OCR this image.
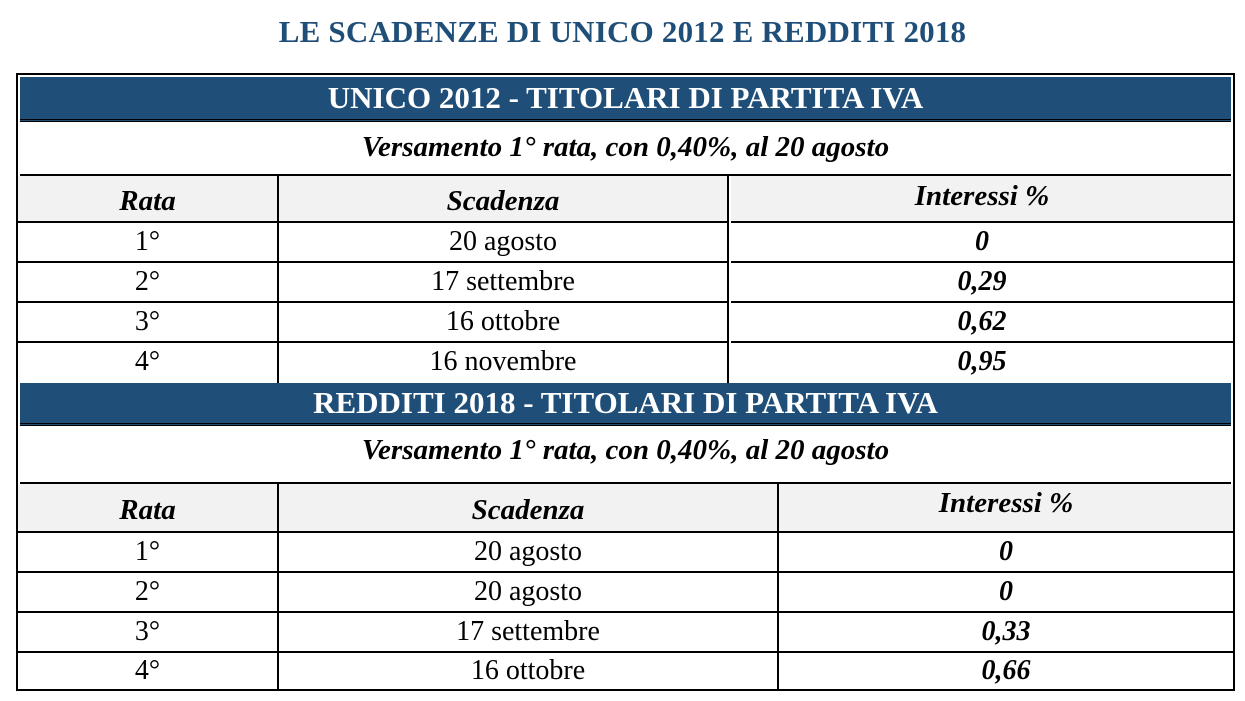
LE SCADENZE DI UNICO 2012 E REDDITI 2018
UNICO 2012 - TITOLARI DI PARTITA IVA
Versamento 1° rata, con 0,40%, al 20 agosto
Rata	Scadenza	Interessi %
1°	20 agosto	0
2°	17 settembre	0,29
3°	16 ottobre	0,62
4°	16 novembre	0,95
REDDITI 2018 - TITOLARI DI PARTITA IVA
Versamento 1° rata, con 0,40%, al 20 agosto
Rata	Scadenza	Interessi %
1°	20 agosto	0
2°	20 agosto	0
3°	17 settembre	0,33
4°	16 ottobre	0,66
